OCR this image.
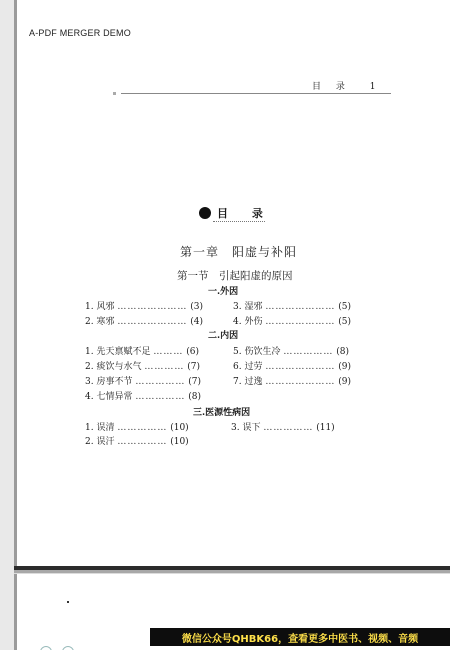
A-PDF MERGER DEMO
目 录 1
目 录
第一章　阳虚与补阳
第一节　引起阳虚的原因
一.外因
1. 风邪 ………………… (3)	3. 湿邪 ………………… (5)
2. 寒邪 ………………… (4)	4. 外伤 ………………… (5)
二.内因
1. 先天禀赋不足 ……… (6)	5. 伤饮生冷 …………… (8)
2. 痰饮与水气 ………… (7)	6. 过劳 ………………… (9)
3. 房事不节 …………… (7)	7. 过逸 ………………… (9)
4. 七情异常 …………… (8)
三.医源性病因
1. 误清 …………… (10)	3. 误下 …………… (11)
2. 误汗 …………… (10)
微信公众号QHBK66，查看更多中医书、视频、音频
